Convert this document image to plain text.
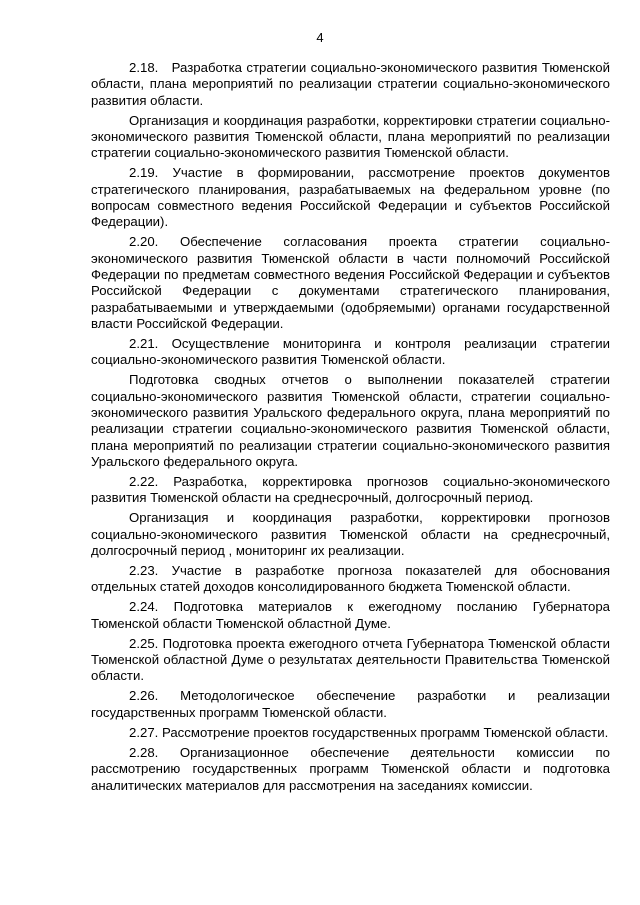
4

2.18.   Разработка стратегии социально-экономического развития Тюменской области, плана мероприятий по реализации стратегии социально-экономического развития области.

Организация и координация разработки, корректировки стратегии социально-экономического развития Тюменской области, плана мероприятий по реализации стратегии социально-экономического развития Тюменской области.

2.19. Участие в формировании, рассмотрение проектов документов стратегического планирования, разрабатываемых на федеральном уровне (по вопросам совместного ведения Российской Федерации и субъектов Российской Федерации).

2.20. Обеспечение согласования проекта стратегии социально-экономического развития Тюменской области в части полномочий Российской Федерации по предметам совместного ведения Российской Федерации и субъектов Российской Федерации с документами стратегического планирования, разрабатываемыми и утверждаемыми (одобряемыми) органами государственной власти Российской Федерации.

2.21. Осуществление мониторинга и контроля реализации стратегии социально-экономического развития Тюменской области.

Подготовка сводных отчетов о выполнении показателей стратегии социально-экономического развития Тюменской области, стратегии социально-экономического развития Уральского федерального округа, плана мероприятий по реализации стратегии социально-экономического развития Тюменской области, плана мероприятий по реализации стратегии социально-экономического развития Уральского федерального округа.

2.22. Разработка, корректировка прогнозов социально-экономического развития Тюменской области на среднесрочный, долгосрочный период.

Организация и координация разработки, корректировки прогнозов социально-экономического развития Тюменской области на среднесрочный, долгосрочный период , мониторинг их реализации.

2.23. Участие в разработке прогноза показателей для обоснования отдельных статей доходов консолидированного бюджета Тюменской области.

2.24. Подготовка материалов к ежегодному посланию Губернатора Тюменской области Тюменской областной Думе.

2.25. Подготовка проекта ежегодного отчета Губернатора Тюменской области Тюменской областной Думе о результатах деятельности Правительства Тюменской области.

2.26. Методологическое обеспечение разработки и реализации государственных программ Тюменской области.

2.27. Рассмотрение проектов государственных программ Тюменской области.

2.28. Организационное обеспечение деятельности комиссии по рассмотрению государственных программ Тюменской области и подготовка аналитических материалов для рассмотрения на заседаниях комиссии.
